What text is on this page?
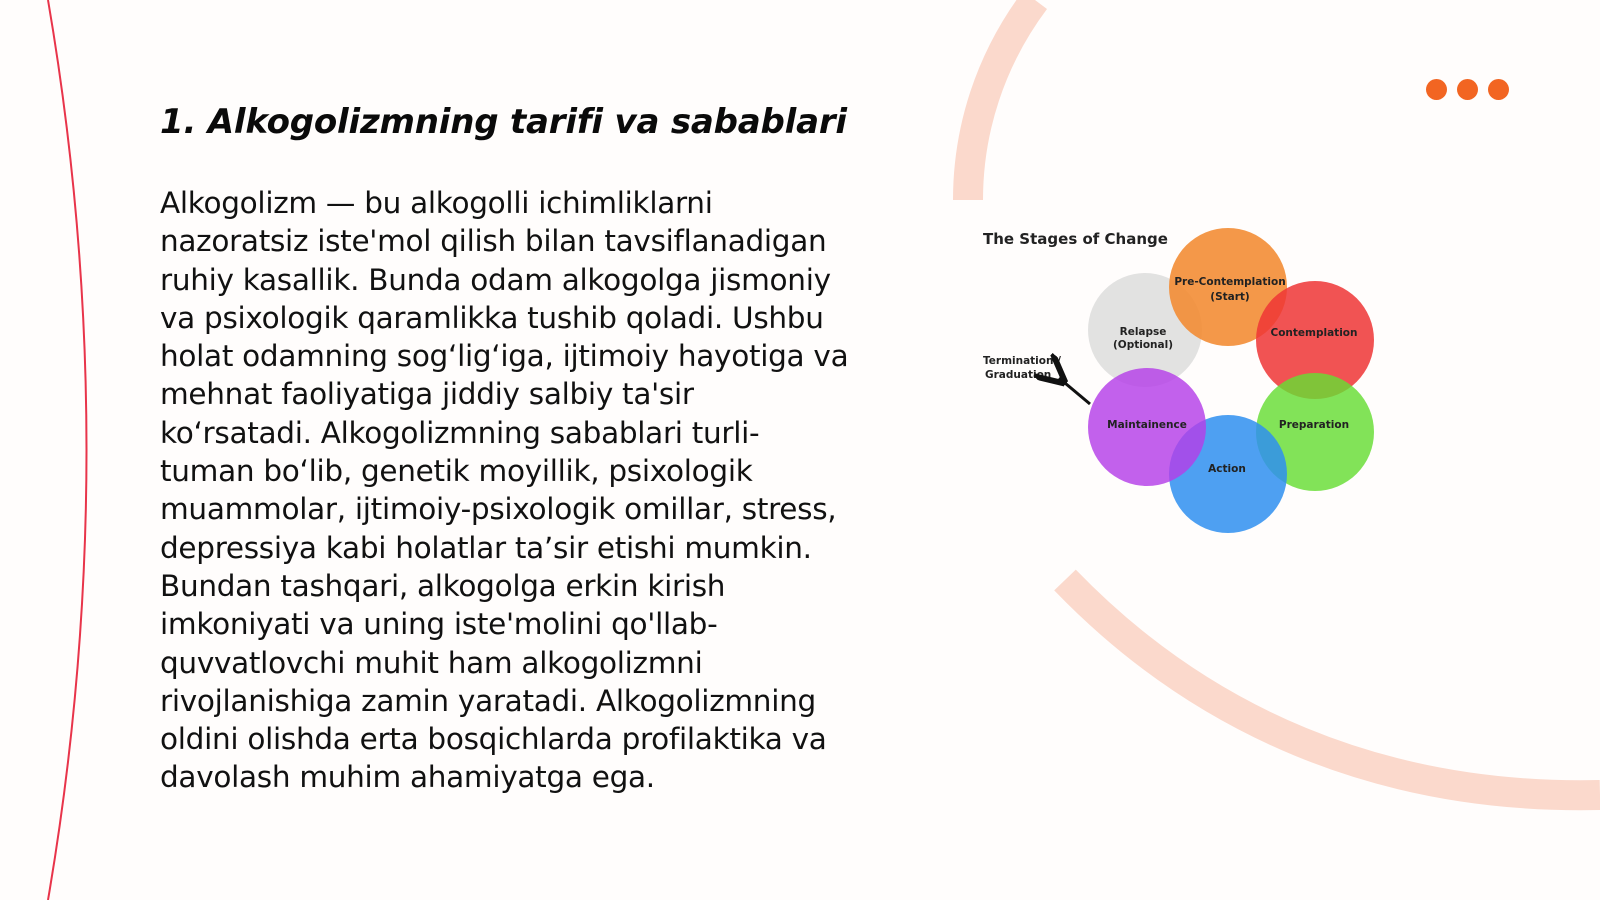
1. Alkogolizmning tarifi va sabablari

Alkogolizm — bu alkogolli ichimliklarni nazoratsiz iste'mol qilish bilan tavsiflanadigan ruhiy kasallik. Bunda odam alkogolga jismoniy va psixologik qaramlikka tushib qoladi. Ushbu holat odamning sog‘lig‘iga, ijtimoiy hayotiga va mehnat faoliyatiga jiddiy salbiy ta'sir ko‘rsatadi. Alkogolizmning sabablari turli-tuman bo‘lib, genetik moyillik, psixologik muammolar, ijtimoiy-psixologik omillar, stress, depressiya kabi holatlar ta’sir etishi mumkin. Bundan tashqari, alkogolga erkin kirish imkoniyati va uning iste'molini qo'llab-quvvatlovchi muhit ham alkogolizmni rivojlanishiga zamin yaratadi. Alkogolizmning oldini olishda erta bosqichlarda profilaktika va davolash muhim ahamiyatga ega.

The Stages of Change
Pre-Contemplation
(Start)
Contemplation
Preparation
Action
Maintainence
Relapse
(Optional)
Termination /
Graduation
